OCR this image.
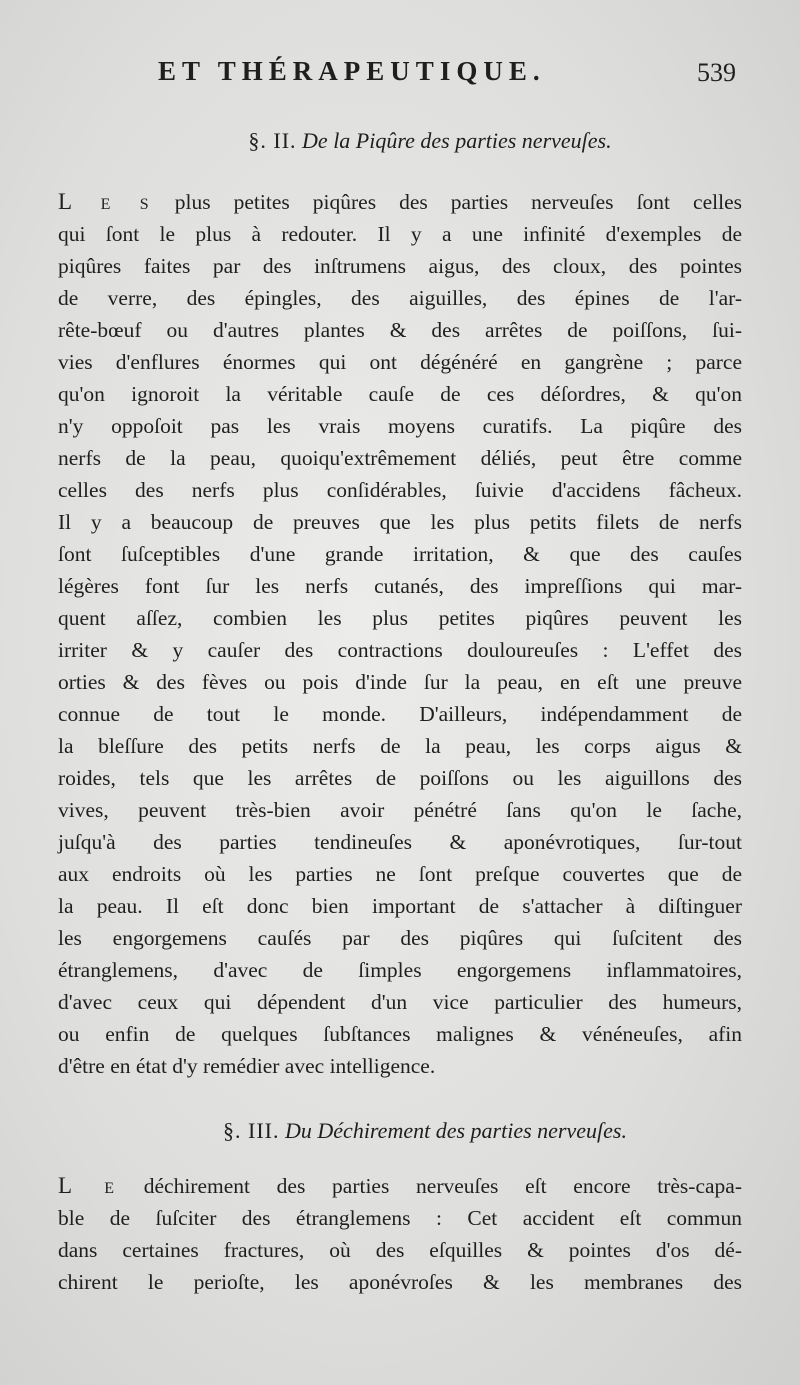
ET THÉRAPEUTIQUE.	539
§. II. De la Piqûre des parties nerveuſes.
L e s plus petites piqûres des parties nerveuſes ſont celles
qui ſont le plus à redouter. Il y a une infinité d'exemples de
piqûres faites par des inſtrumens aigus, des cloux, des pointes
de verre, des épingles, des aiguilles, des épines de l'ar-
rête-bœuf ou d'autres plantes & des arrêtes de poiſſons, ſui-
vies d'enflures énormes qui ont dégénéré en gangrène ; parce
qu'on ignoroit la véritable cauſe de ces déſordres, & qu'on
n'y oppoſoit pas les vrais moyens curatifs. La piqûre des
nerfs de la peau, quoiqu'extrêmement déliés, peut être comme
celles des nerfs plus conſidérables, ſuivie d'accidens fâcheux.
Il y a beaucoup de preuves que les plus petits filets de nerfs
ſont ſuſceptibles d'une grande irritation, & que des cauſes
légères font ſur les nerfs cutanés, des impreſſions qui mar-
quent aſſez, combien les plus petites piqûres peuvent les
irriter & y cauſer des contractions douloureuſes : L'effet des
orties & des fèves ou pois d'inde ſur la peau, en eſt une preuve
connue de tout le monde. D'ailleurs, indépendamment de
la bleſſure des petits nerfs de la peau, les corps aigus &
roides, tels que les arrêtes de poiſſons ou les aiguillons des
vives, peuvent très-bien avoir pénétré ſans qu'on le ſache,
juſqu'à des parties tendineuſes & aponévrotiques, ſur-tout
aux endroits où les parties ne ſont preſque couvertes que de
la peau. Il eſt donc bien important de s'attacher à diſtinguer
les engorgemens cauſés par des piqûres qui ſuſcitent des
étranglemens, d'avec de ſimples engorgemens inflammatoires,
d'avec ceux qui dépendent d'un vice particulier des humeurs,
ou enfin de quelques ſubſtances malignes & vénéneuſes, afin
d'être en état d'y remédier avec intelligence.
§. III. Du Déchirement des parties nerveuſes.
L e déchirement des parties nerveuſes eſt encore très-capa-
ble de ſuſciter des étranglemens : Cet accident eſt commun
dans certaines fractures, où des eſquilles & pointes d'os dé-
chirent le perioſte, les aponévroſes & les membranes des
